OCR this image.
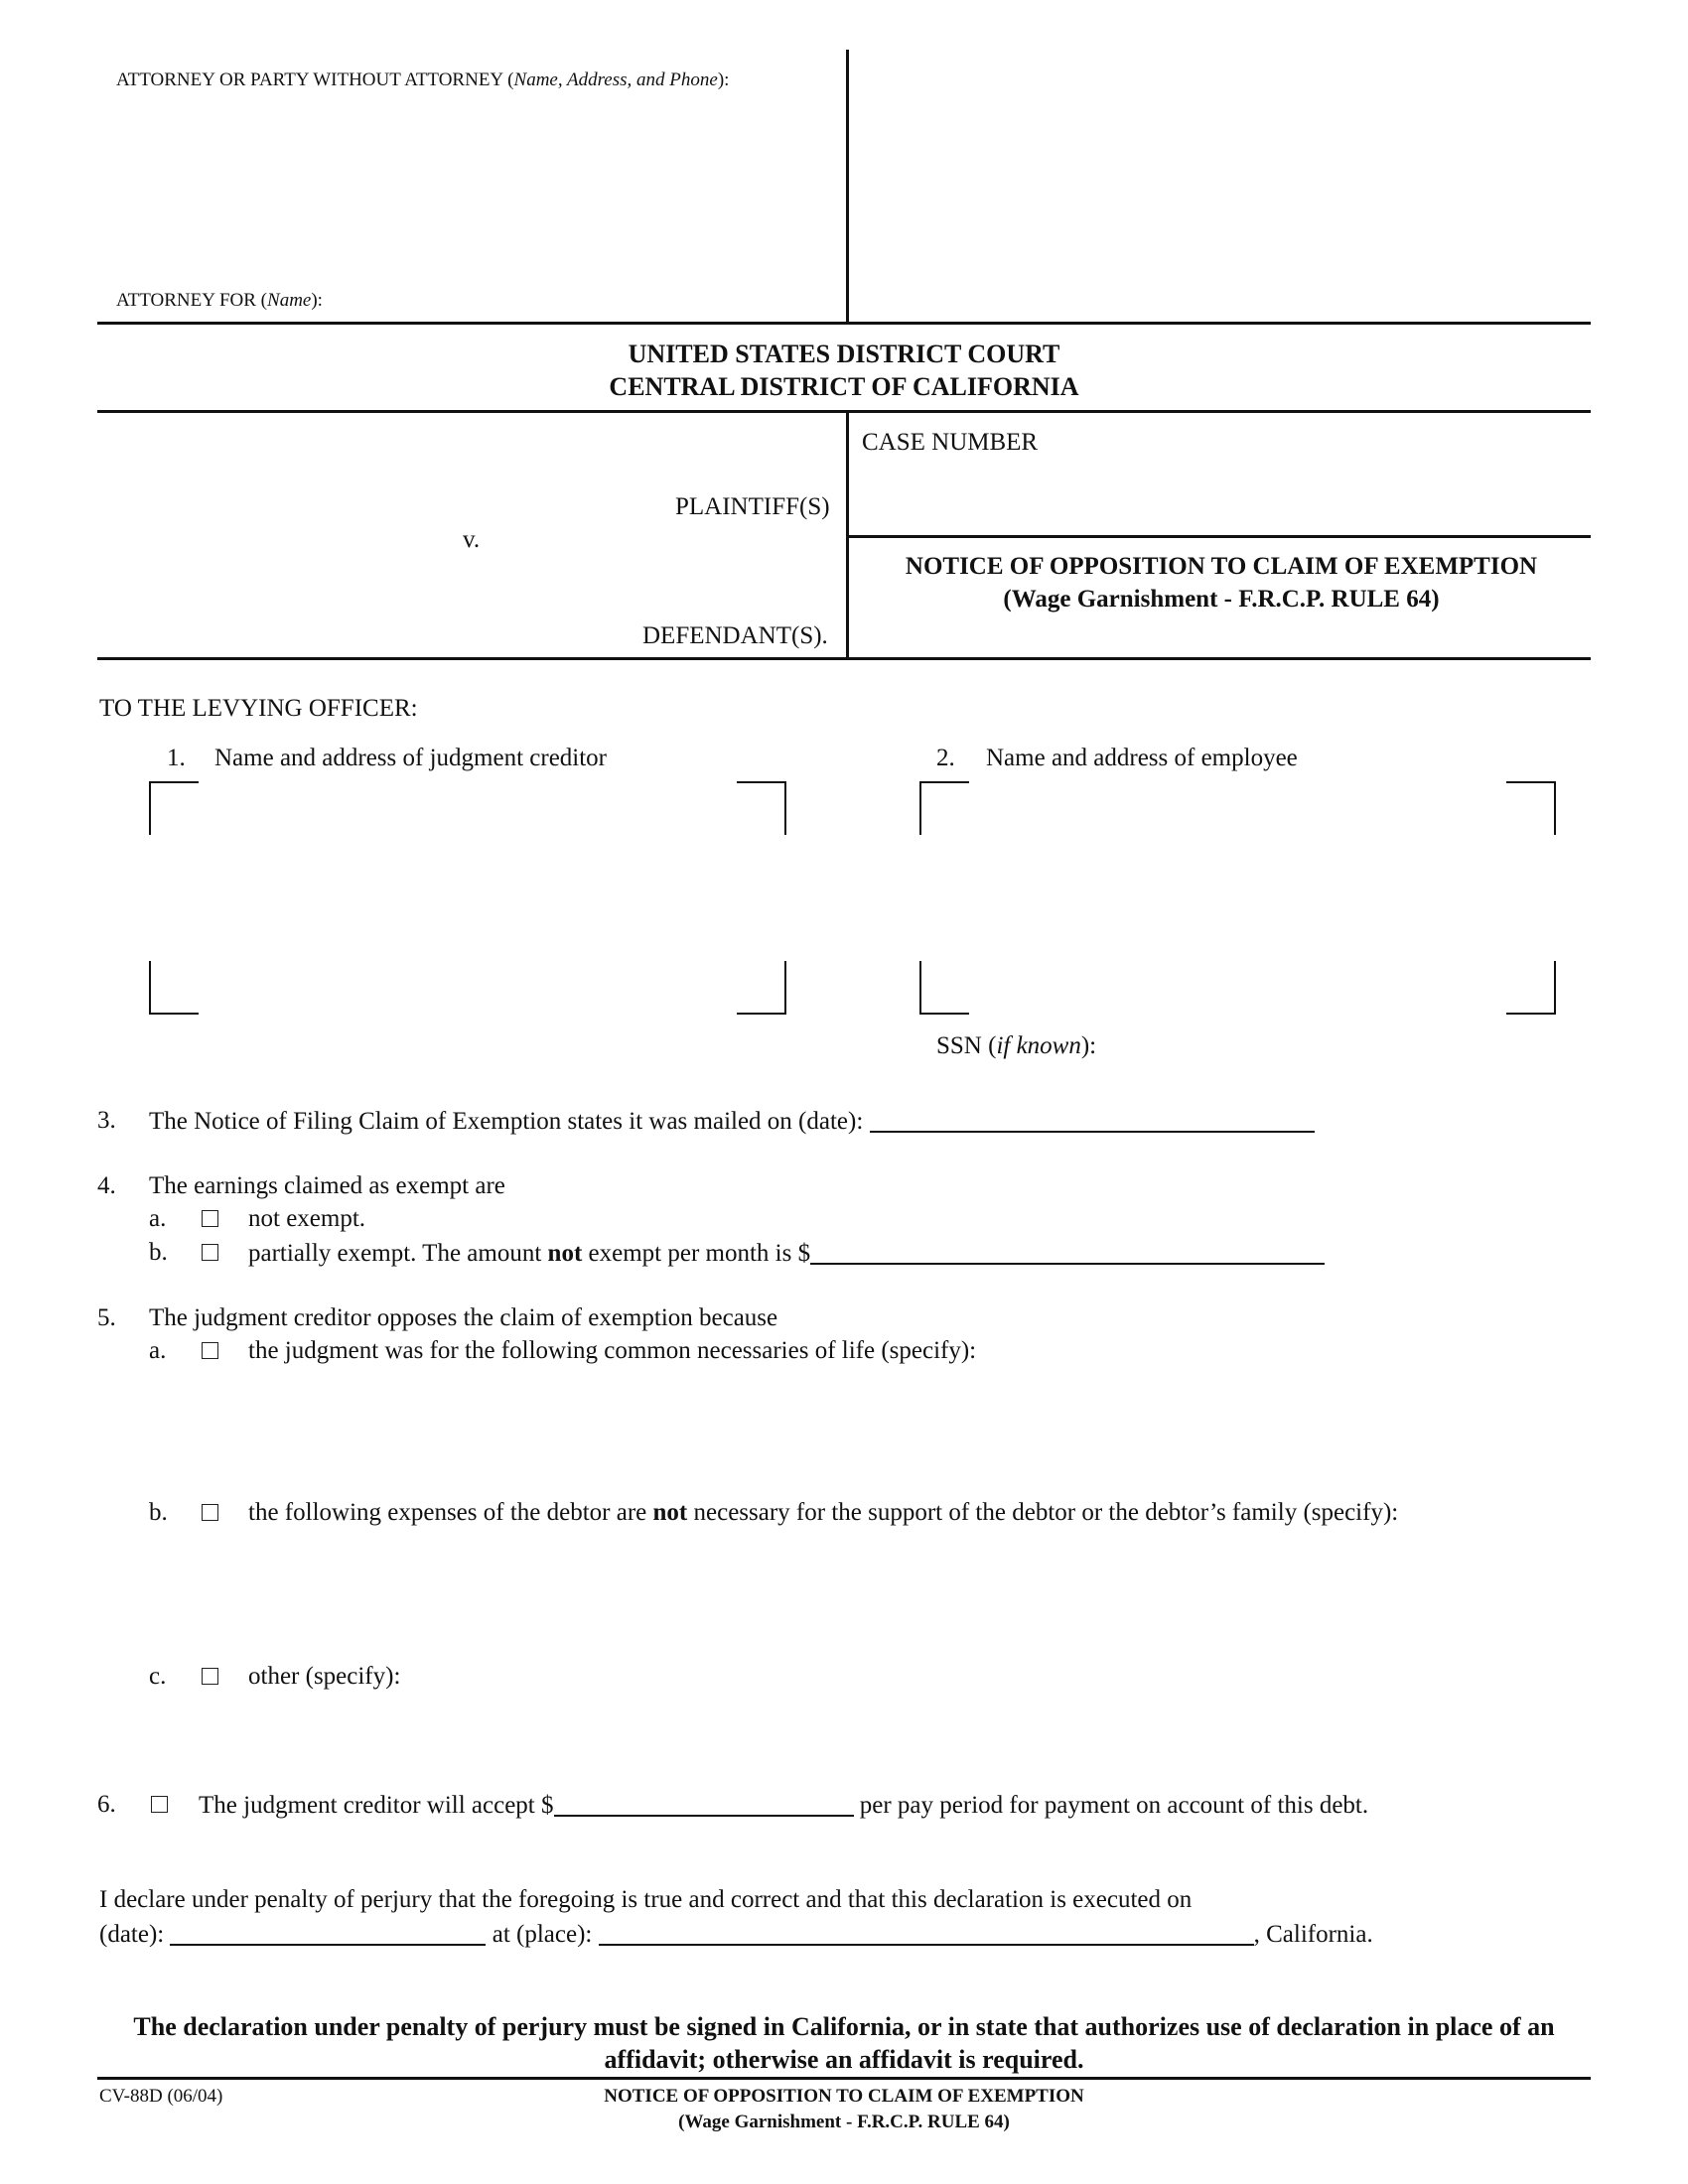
ATTORNEY OR PARTY WITHOUT ATTORNEY (Name, Address, and Phone):
ATTORNEY FOR (Name):
UNITED STATES DISTRICT COURT
CENTRAL DISTRICT OF CALIFORNIA
PLAINTIFF(S)
v.
DEFENDANT(S).
CASE NUMBER
NOTICE OF OPPOSITION TO CLAIM OF EXEMPTION
(Wage Garnishment - F.R.C.P. RULE 64)
TO THE LEVYING OFFICER:
1. Name and address of judgment creditor	2. Name and address of employee
SSN (if known):
3. The Notice of Filing Claim of Exemption states it was mailed on (date):
4. The earnings claimed as exempt are
a.	not exempt.
b.	partially exempt. The amount not exempt per month is $
5. The judgment creditor opposes the claim of exemption because
a.	the judgment was for the following common necessaries of life (specify):
b.	the following expenses of the debtor are not necessary for the support of the debtor or the debtor’s family (specify):
c.	other (specify):
6.	The judgment creditor will accept $	per pay period for payment on account of this debt.
I declare under penalty of perjury that the foregoing is true and correct and that this declaration is executed on
(date):	at (place):	, California.
The declaration under penalty of perjury must be signed in California, or in state that authorizes use of declaration in place of an affidavit; otherwise an affidavit is required.
CV-88D (06/04)	NOTICE OF OPPOSITION TO CLAIM OF EXEMPTION
(Wage Garnishment - F.R.C.P. RULE 64)
